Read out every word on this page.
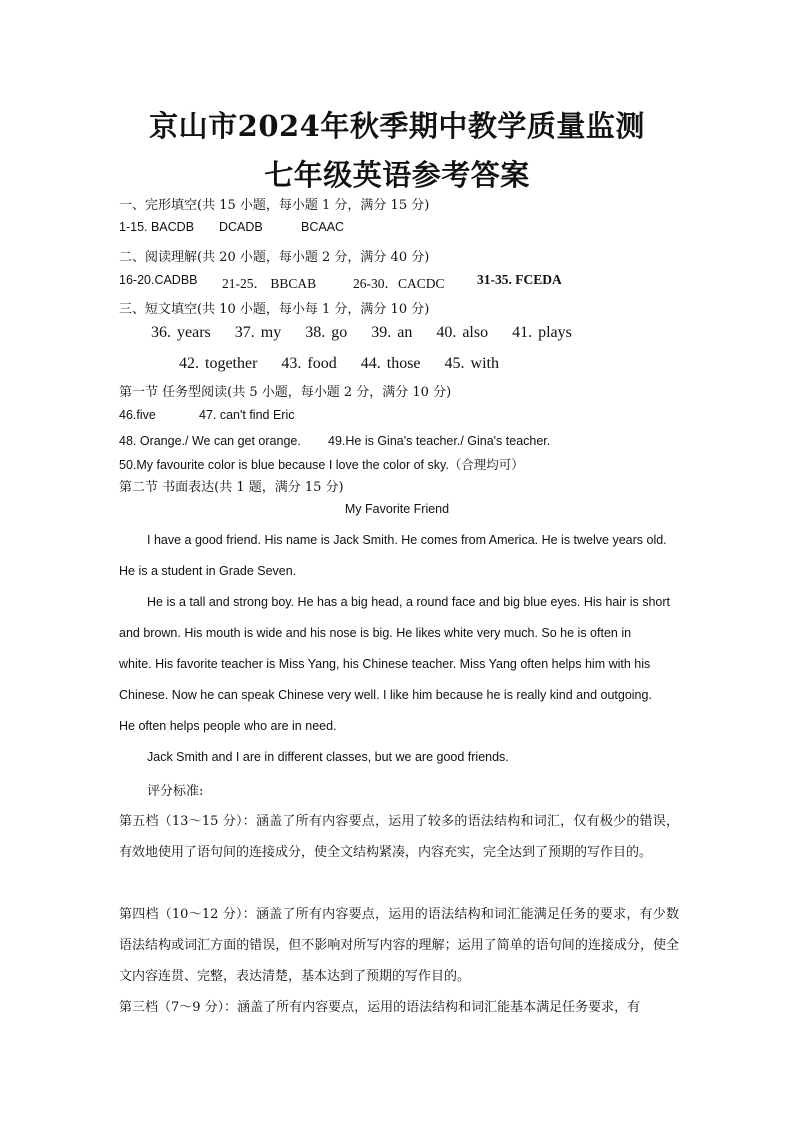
京山市2024年秋季期中教学质量监测
七年级英语参考答案
一、完形填空(共 15 小题，每小题 1 分，满分 15 分)
1-15. BACDB DCADB	BCAAC
二、阅读理解(共 20 小题，每小题 2 分，满分 40 分)
16-20.CADBB 21-25． BBCAB	26-30．CACDC 31-35. FCEDA
三、短文填空(共 10 小题，每小每 1 分，满分 10 分)
36. years 37. my 38. go 39. an 40. also 41. plays
42. together 43. food 44. those 45. with
第一节 任务型阅读(共 5 小题，每小题 2 分，满分 10 分)
46.five	47. can't find Eric
48. Orange./ We can get orange. 49.He is Gina's teacher./ Gina's teacher.
50.My favourite color is blue because I love the color of sky.（合理均可）
第二节 书面表达(共 1 题，满分 15 分)
My Favorite Friend
I have a good friend. His name is Jack Smith. He comes from America. He is twelve years old.
He is a student in Grade Seven.
He is a tall and strong boy. He has a big head, a round face and big blue eyes. His hair is short
and brown. His mouth is wide and his nose is big. He likes white very much. So he is often in
white. His favorite teacher is Miss Yang, his Chinese teacher. Miss Yang often helps him with his
Chinese. Now he can speak Chinese very well. I like him because he is really kind and outgoing.
He often helps people who are in need.
Jack Smith and I are in different classes, but we are good friends.
评分标准:
第五档（13～15 分）：涵盖了所有内容要点，运用了较多的语法结构和词汇，仅有极少的错误，有效地使用了语句间的连接成分，使全文结构紧凑，内容充实，完全达到了预期的写作目的。
第四档（10～12 分）：涵盖了所有内容要点，运用的语法结构和词汇能满足任务的要求，有少数语法结构或词汇方面的错误，但不影响对所写内容的理解；运用了简单的语句间的连接成分，使全文内容连贯、完整，表达清楚，基本达到了预期的写作目的。
第三档（7～9 分）：涵盖了所有内容要点，运用的语法结构和词汇能基本满足任务要求，有
